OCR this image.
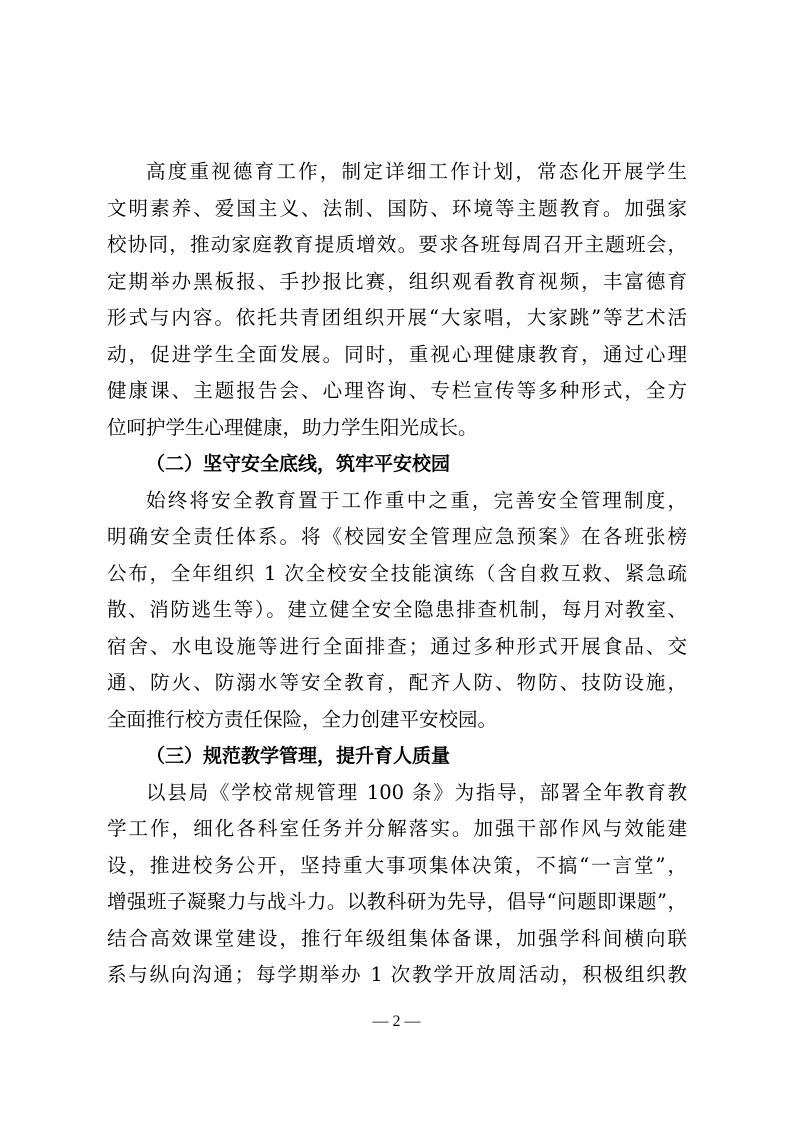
高度重视德育工作，制定详细工作计划，常态化开展学生
文明素养、爱国主义、法制、国防、环境等主题教育。加强家
校协同，推动家庭教育提质增效。要求各班每周召开主题班会，
定期举办黑板报、手抄报比赛，组织观看教育视频，丰富德育
形式与内容。依托共青团组织开展“大家唱，大家跳”等艺术活
动，促进学生全面发展。同时，重视心理健康教育，通过心理
健康课、主题报告会、心理咨询、专栏宣传等多种形式，全方
位呵护学生心理健康，助力学生阳光成长。
（二）坚守安全底线，筑牢平安校园
始终将安全教育置于工作重中之重，完善安全管理制度，
明确安全责任体系。将《校园安全管理应急预案》在各班张榜
公布，全年组织 1 次全校安全技能演练（含自救互救、紧急疏
散、消防逃生等）。建立健全安全隐患排查机制，每月对教室、
宿舍、水电设施等进行全面排查；通过多种形式开展食品、交
通、防火、防溺水等安全教育，配齐人防、物防、技防设施，
全面推行校方责任保险，全力创建平安校园。
（三）规范教学管理，提升育人质量
以县局《学校常规管理 100 条》为指导，部署全年教育教
学工作，细化各科室任务并分解落实。加强干部作风与效能建
设，推进校务公开，坚持重大事项集体决策，不搞“一言堂”，
增强班子凝聚力与战斗力。以教科研为先导，倡导“问题即课题”，
结合高效课堂建设，推行年级组集体备课，加强学科间横向联
系与纵向沟通；每学期举办 1 次教学开放周活动，积极组织教
— 2 —
